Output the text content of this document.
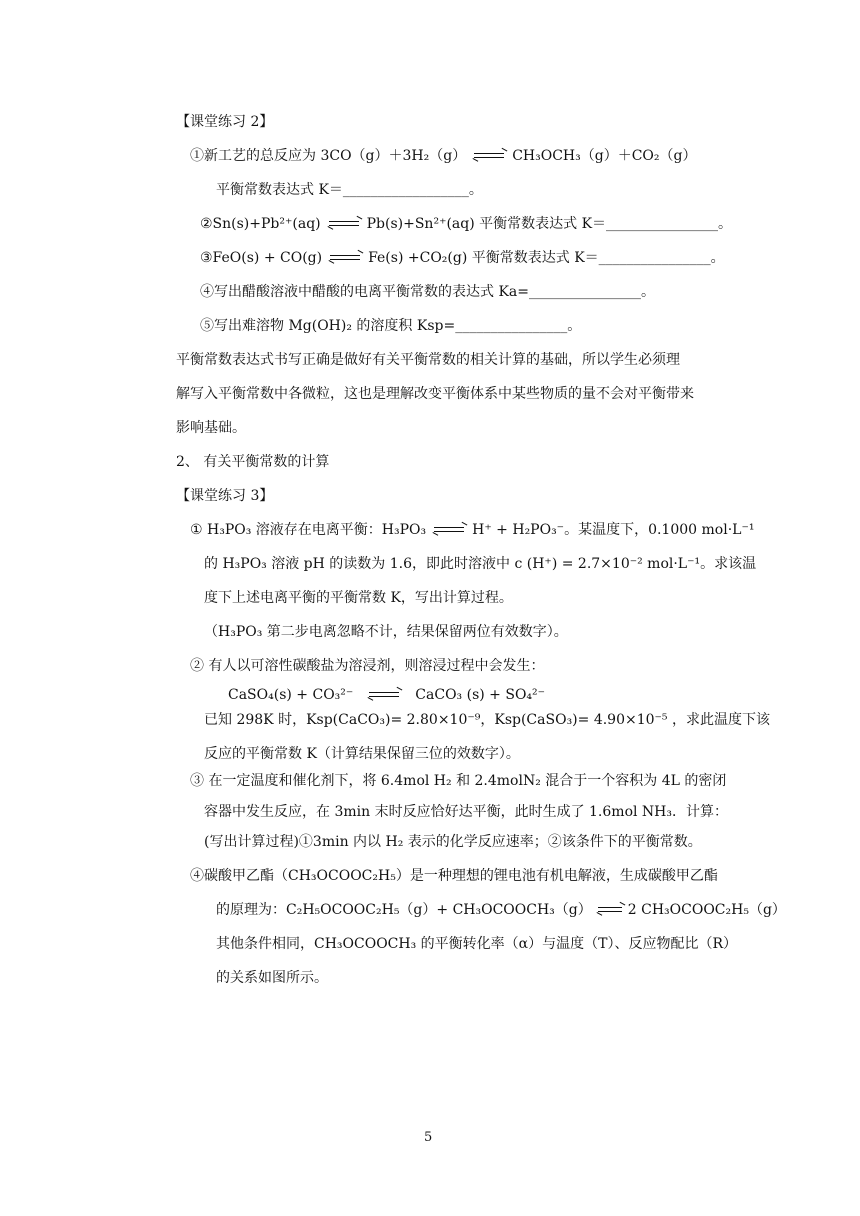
【课堂练习 2】
①新工艺的总反应为 3CO（g）＋3H₂（g）	CH₃OCH₃（g）＋CO₂（g）
平衡常数表达式 K＝__________________。
②Sn(s)+Pb²⁺(aq)	Pb(s)+Sn²⁺(aq) 平衡常数表达式 K＝________________。
③FeO(s) + CO(g)	Fe(s) +CO₂(g) 平衡常数表达式 K＝________________。
④写出醋酸溶液中醋酸的电离平衡常数的表达式 Ka=________________。
⑤写出难溶物 Mg(OH)₂ 的溶度积 Ksp=________________。
平衡常数表达式书写正确是做好有关平衡常数的相关计算的基础，所以学生必须理
解写入平衡常数中各微粒，这也是理解改变平衡体系中某些物质的量不会对平衡带来
影响基础。
2、 有关平衡常数的计算
【课堂练习 3】
① H₃PO₃ 溶液存在电离平衡：H₃PO₃	H⁺ + H₂PO₃⁻。某温度下，0.1000 mol·L⁻¹
的 H₃PO₃ 溶液 pH 的读数为 1.6，即此时溶液中 c (H⁺) = 2.7×10⁻² mol·L⁻¹。求该温
度下上述电离平衡的平衡常数 K，写出计算过程。
（H₃PO₃ 第二步电离忽略不计，结果保留两位有效数字）。
② 有人以可溶性碳酸盐为溶浸剂，则溶浸过程中会发生：
CaSO₄(s) + CO₃²⁻	CaCO₃ (s) + SO₄²⁻
已知 298K 时，Ksp(CaCO₃)= 2.80×10⁻⁹，Ksp(CaSO₃)= 4.90×10⁻⁵ ，求此温度下该
反应的平衡常数 K（计算结果保留三位的效数字）。
③ 在一定温度和催化剂下，将 6.4mol H₂ 和 2.4molN₂ 混合于一个容积为 4L 的密闭
容器中发生反应，在 3min 末时反应恰好达平衡，此时生成了 1.6mol NH₃．计算：
(写出计算过程)①3min 内以 H₂ 表示的化学反应速率；②该条件下的平衡常数。
④碳酸甲乙酯（CH₃OCOOC₂H₅）是一种理想的锂电池有机电解液，生成碳酸甲乙酯
的原理为：C₂H₅OCOOC₂H₅（g）+ CH₃OCOOCH₃（g）	2 CH₃OCOOC₂H₅（g）
其他条件相同，CH₃OCOOCH₃ 的平衡转化率（α）与温度（T）、反应物配比（R）
的关系如图所示。
5
